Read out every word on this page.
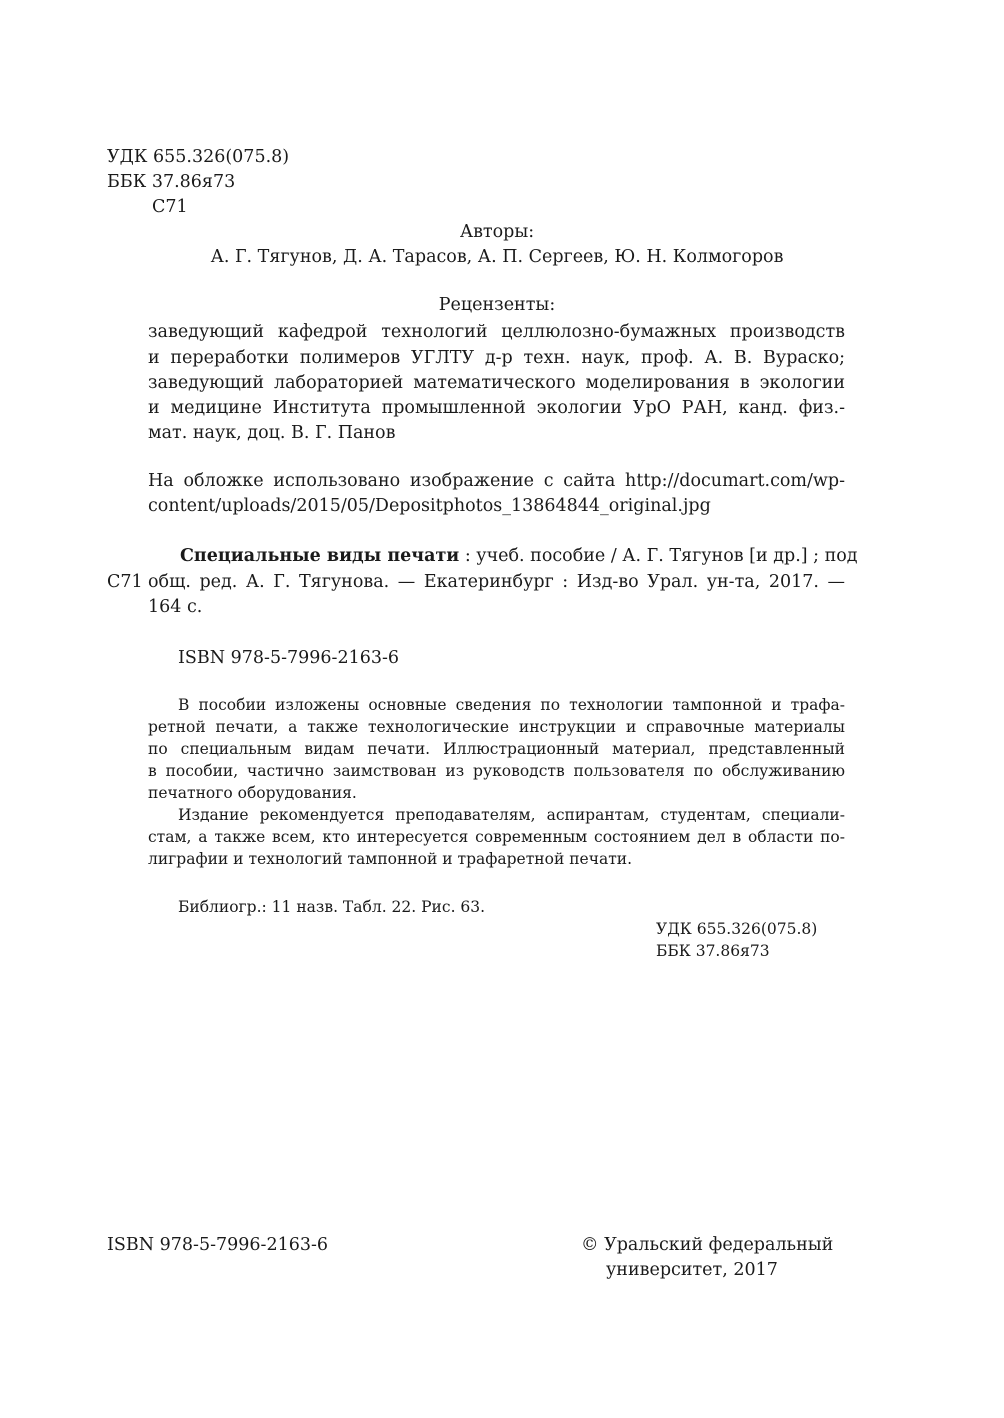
УДК 655.326(075.8)
ББК 37.86я73
С71
Авторы:
А. Г. Тягунов, Д. А. Тарасов, А. П. Сергеев, Ю. Н. Колмогоров
Рецензенты:
заведующий кафедрой технологий целлюлозно-бумажных производств
и переработки полимеров УГЛТУ д-р техн. наук, проф. А. В. Вураско;
заведующий лабораторией математического моделирования в экологии
и медицине Института промышленной экологии УрО РАН, канд. физ.-
мат. наук, доц. В. Г. Панов
На обложке использовано изображение с сайта http://documart.com/wp-
content/uploads/2015/05/Depositphotos_13864844_original.jpg
Специальные виды печати : учеб. пособие / А. Г. Тягунов [и др.] ; под
С71 общ. ред. А. Г. Тягунова. — Екатеринбург : Изд-во Урал. ун-та, 2017. —
164 с.
ISBN 978-5-7996-2163-6
В пособии изложены основные сведения по технологии тампонной и трафа-
ретной печати, а также технологические инструкции и справочные материалы
по специальным видам печати. Иллюстрационный материал, представленный
в пособии, частично заимствован из руководств пользователя по обслуживанию
печатного оборудования.
Издание рекомендуется преподавателям, аспирантам, студентам, специали-
стам, а также всем, кто интересуется современным состоянием дел в области по-
лиграфии и технологий тампонной и трафаретной печати.
Библиогр.: 11 назв. Табл. 22. Рис. 63.
УДК 655.326(075.8)
ББК 37.86я73
ISBN 978-5-7996-2163-6	© Уральский федеральный
университет, 2017
